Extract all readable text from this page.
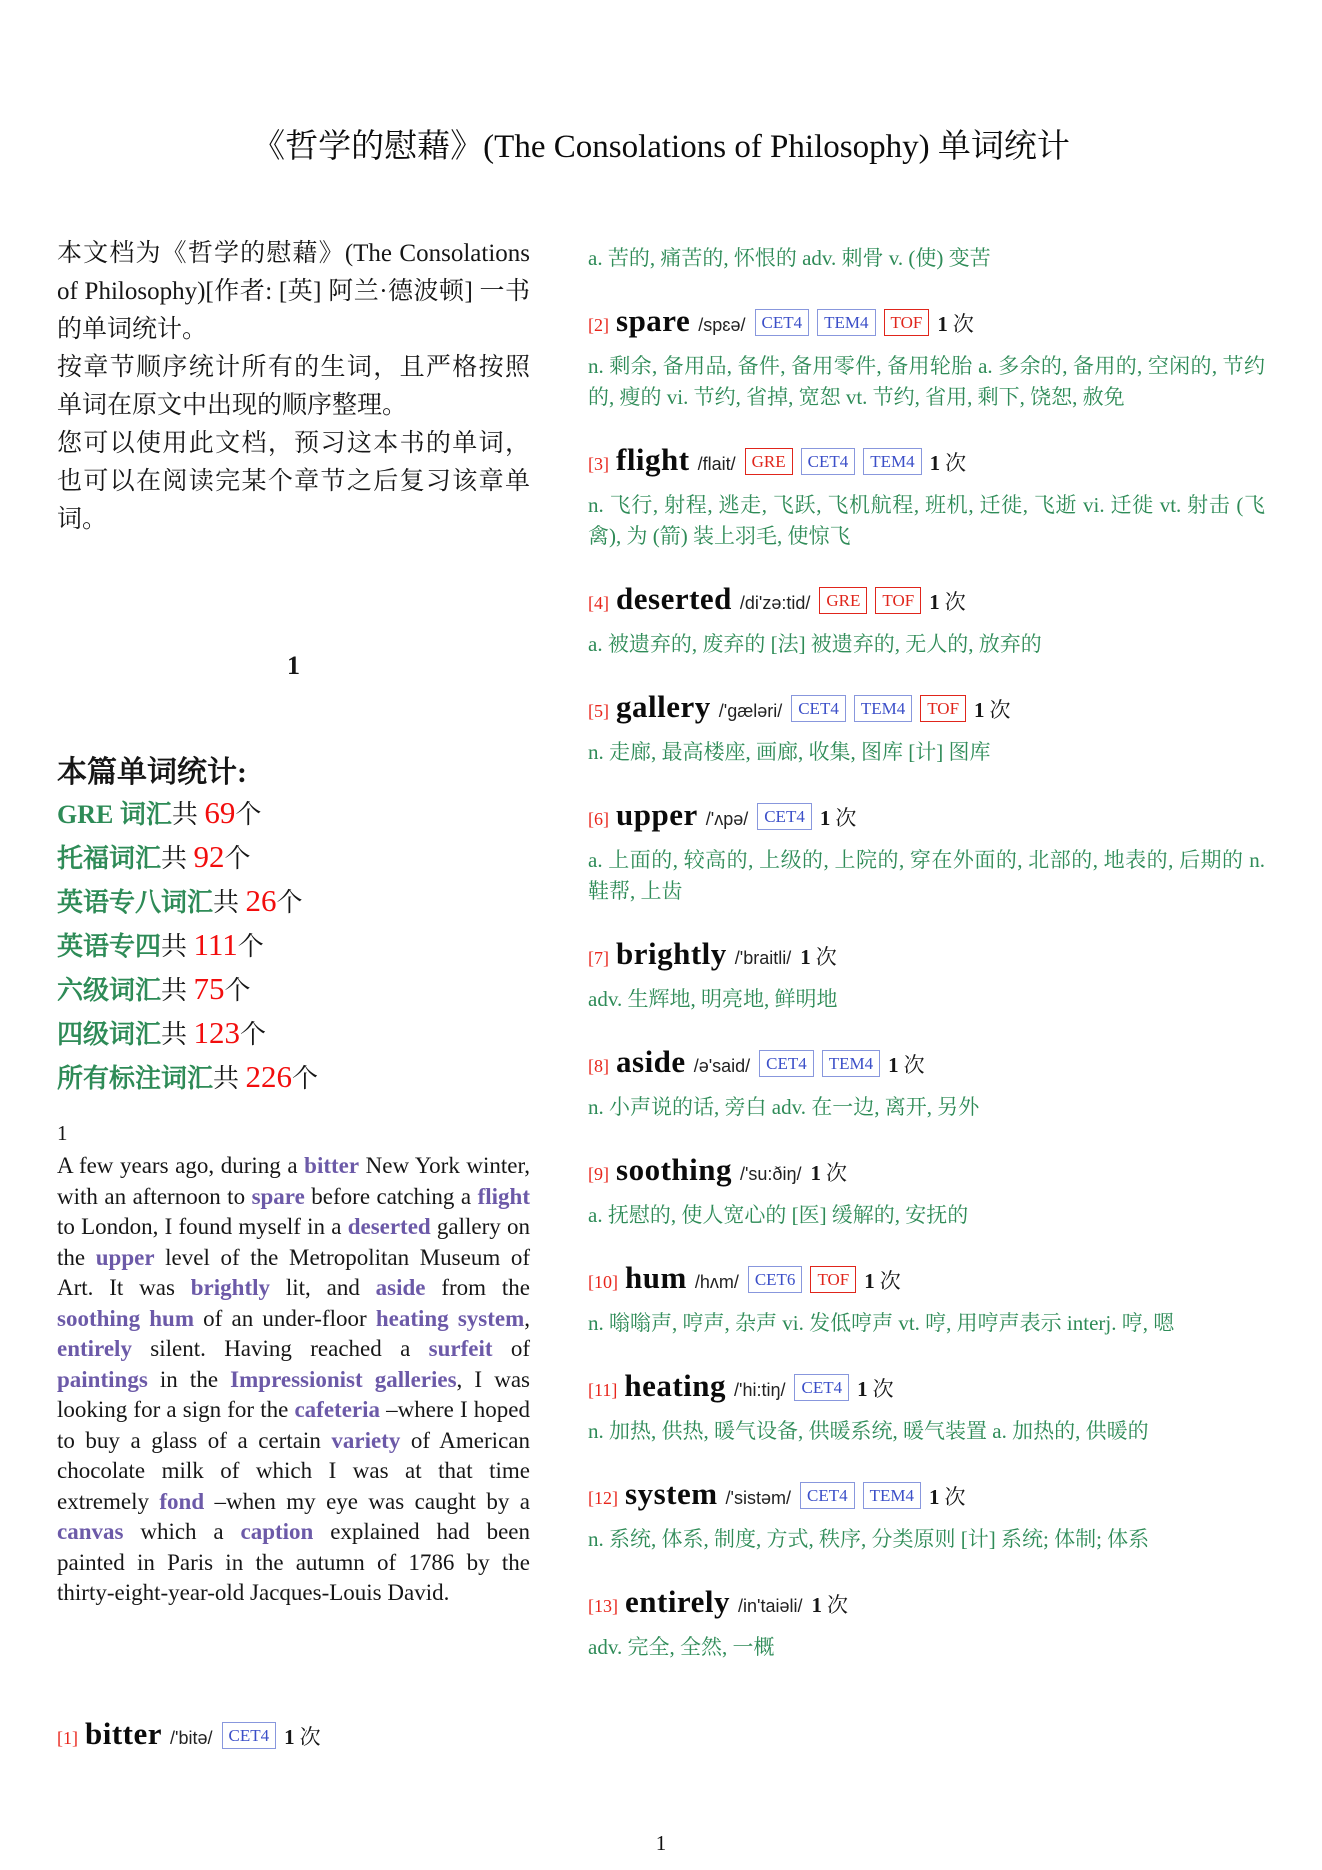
《哲学的慰藉》(The Consolations of Philosophy) 单词统计

本文档为《哲学的慰藉》(The Consolations of Philosophy)[作者: [英] 阿兰·德波顿] 一书的单词统计。

按章节顺序统计所有的生词，且严格按照单词在原文中出现的顺序整理。

您可以使用此文档，预习这本书的单词，也可以在阅读完某个章节之后复习该章单词。

1
本篇单词统计:
GRE 词汇共 69个
托福词汇共 92个
英语专八词汇共 26个
英语专四共 111个
六级词汇共 75个
四级词汇共 123个
所有标注词汇共 226个
1
A few years ago, during a bitter New York winter, with an afternoon to spare before catching a flight to London, I found myself in a deserted gallery on the upper level of the Metropolitan Museum of Art. It was brightly lit, and aside from the soothing hum of an under-floor heating system, entirely silent. Having reached a surfeit of paintings in the Impressionist galleries, I was looking for a sign for the cafeteria –where I hoped to buy a glass of a certain variety of American chocolate milk of which I was at that time extremely fond –when my eye was caught by a canvas which a caption explained had been painted in Paris in the autumn of 1786 by the thirty-eight-year-old Jacques-Louis David.
[1] bitter /'bitə/ CET4 1 次
a. 苦的, 痛苦的, 怀恨的 adv. 刺骨 v. (使) 变苦
[2] spare /spɛə/ CET4 TEM4 TOF 1 次
n. 剩余, 备用品, 备件, 备用零件, 备用轮胎 a. 多余的, 备用的, 空闲的, 节约的, 瘦的 vi. 节约, 省掉, 宽恕 vt. 节约, 省用, 剩下, 饶恕, 赦免
[3] flight /flait/ GRE CET4 TEM4 1 次
n. 飞行, 射程, 逃走, 飞跃, 飞机航程, 班机, 迁徙, 飞逝 vi. 迁徙 vt. 射击 (飞禽), 为 (箭) 装上羽毛, 使惊飞
[4] deserted /di'zə:tid/ GRE TOF 1 次
a. 被遗弃的, 废弃的 [法] 被遗弃的, 无人的, 放弃的
[5] gallery /'gæləri/ CET4 TEM4 TOF 1 次
n. 走廊, 最高楼座, 画廊, 收集, 图库 [计] 图库
[6] upper /'ʌpə/ CET4 1 次
a. 上面的, 较高的, 上级的, 上院的, 穿在外面的, 北部的, 地表的, 后期的 n. 鞋帮, 上齿
[7] brightly /'braitli/ 1 次
adv. 生辉地, 明亮地, 鲜明地
[8] aside /ə'said/ CET4 TEM4 1 次
n. 小声说的话, 旁白 adv. 在一边, 离开, 另外
[9] soothing /'su:ðiŋ/ 1 次
a. 抚慰的, 使人宽心的 [医] 缓解的, 安抚的
[10] hum /hʌm/ CET6 TOF 1 次
n. 嗡嗡声, 哼声, 杂声 vi. 发低哼声 vt. 哼, 用哼声表示 interj. 哼, 嗯
[11] heating /'hi:tiŋ/ CET4 1 次
n. 加热, 供热, 暖气设备, 供暖系统, 暖气装置 a. 加热的, 供暖的
[12] system /'sistəm/ CET4 TEM4 1 次
n. 系统, 体系, 制度, 方式, 秩序, 分类原则 [计] 系统; 体制; 体系
[13] entirely /in'taiəli/ 1 次
adv. 完全, 全然, 一概
1
